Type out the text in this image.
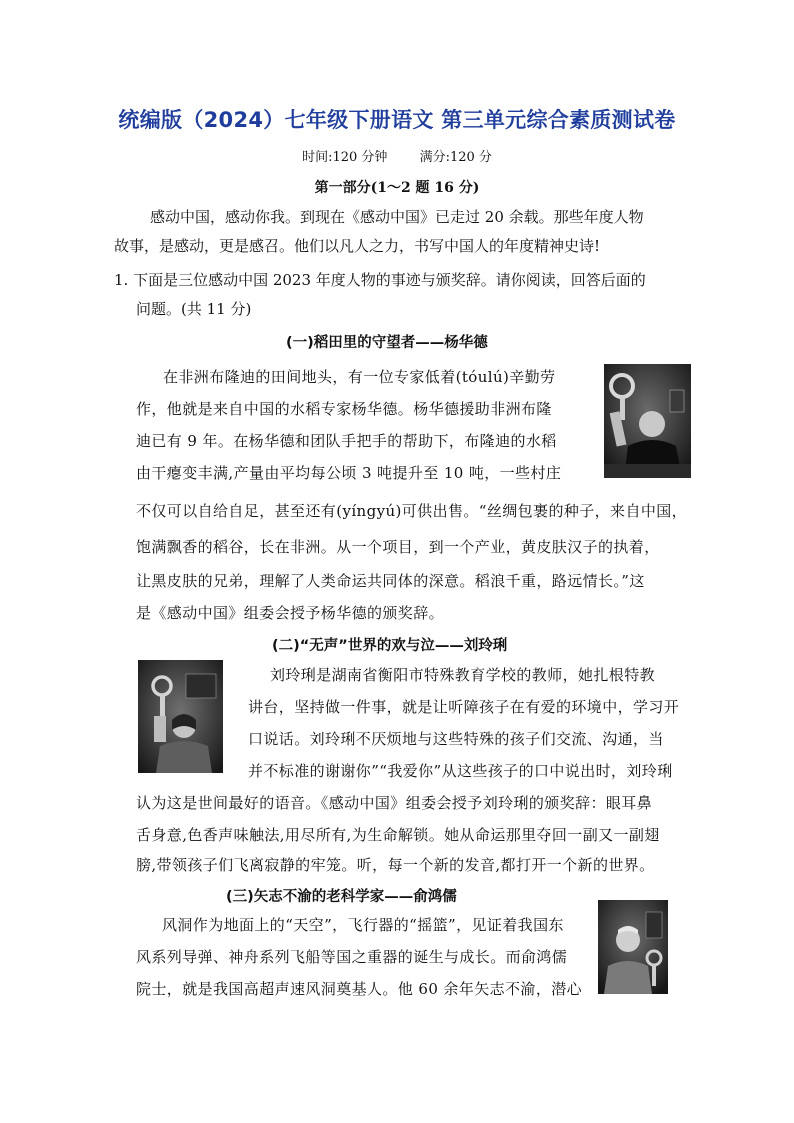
统编版（2024）七年级下册语文 第三单元综合素质测试卷
时间:120 分钟 满分:120 分
第一部分(1～2 题 16 分)

感动中国，感动你我。到现在《感动中国》已走过 20 余载。那些年度人物

故事，是感动，更是感召。他们以凡人之力，书写中国人的年度精神史诗!

1. 下面是三位感动中国 2023 年度人物的事迹与颁奖辞。请你阅读，回答后面的

问题。(共 11 分)

(一)稻田里的守望者——杨华德

在非洲布隆迪的田间地头，有一位专家低着(tóulú)辛勤劳

作，他就是来自中国的水稻专家杨华德。杨华德援助非洲布隆

迪已有 9 年。在杨华德和团队手把手的帮助下，布隆迪的水稻

由干瘪变丰满,产量由平均每公顷 3 吨提升至 10 吨，一些村庄

不仅可以自给自足，甚至还有(yíngyú)可供出售。“丝绸包裹的种子，来自中国，

饱满飘香的稻谷，长在非洲。从一个项目，到一个产业，黄皮肤汉子的执着，

让黑皮肤的兄弟，理解了人类命运共同体的深意。稻浪千重，路远情长。”这

是《感动中国》组委会授予杨华德的颁奖辞。

(二)“无声”世界的欢与泣——刘玲琍

刘玲琍是湖南省衡阳市特殊教育学校的教师，她扎根特教

讲台，坚持做一件事，就是让听障孩子在有爱的环境中，学习开

口说话。刘玲琍不厌烦地与这些特殊的孩子们交流、沟通，当

并不标准的谢谢你”“我爱你”从这些孩子的口中说出时，刘玲琍

认为这是世间最好的语音。《感动中国》组委会授予刘玲琍的颁奖辞：眼耳鼻

舌身意,色香声味触法,用尽所有,为生命解锁。她从命运那里夺回一副又一副翅

膀,带领孩子们飞离寂静的牢笼。听，每一个新的发音,都打开一个新的世界。

(三)矢志不渝的老科学家——俞鸿儒

风洞作为地面上的“天空”，飞行器的“摇篮”，见证着我国东

风系列导弹、神舟系列飞船等国之重器的诞生与成长。而俞鸿儒

院士，就是我国高超声速风洞奠基人。他 60 余年矢志不渝，潜心
